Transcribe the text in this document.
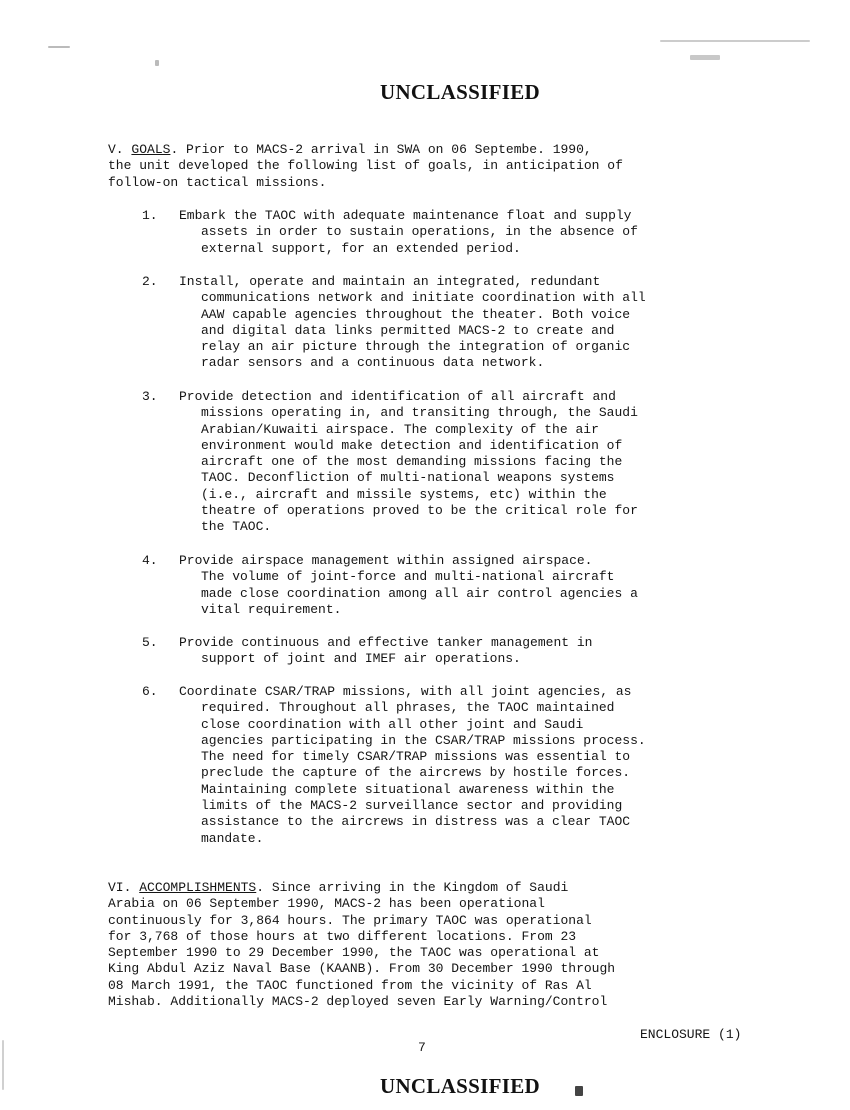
UNCLASSIFIED
V. GOALS. Prior to MACS-2 arrival in SWA on 06 Septembe. 1990,
the unit developed the following list of goals, in anticipation of
follow-on tactical missions.
1. Embark the TAOC with adequate maintenance float and supply
assets in order to sustain operations, in the absence of
external support, for an extended period.
2. Install, operate and maintain an integrated, redundant
communications network and initiate coordination with all
AAW capable agencies throughout the theater. Both voice
and digital data links permitted MACS-2 to create and
relay an air picture through the integration of organic
radar sensors and a continuous data network.
3. Provide detection and identification of all aircraft and
missions operating in, and transiting through, the Saudi
Arabian/Kuwaiti airspace. The complexity of the air
environment would make detection and identification of
aircraft one of the most demanding missions facing the
TAOC. Deconfliction of multi-national weapons systems
(i.e., aircraft and missile systems, etc) within the
theatre of operations proved to be the critical role for
the TAOC.
4. Provide airspace management within assigned airspace.
The volume of joint-force and multi-national aircraft
made close coordination among all air control agencies a
vital requirement.
5. Provide continuous and effective tanker management in
support of joint and IMEF air operations.
6. Coordinate CSAR/TRAP missions, with all joint agencies, as
required. Throughout all phrases, the TAOC maintained
close coordination with all other joint and Saudi
agencies participating in the CSAR/TRAP missions process.
The need for timely CSAR/TRAP missions was essential to
preclude the capture of the aircrews by hostile forces.
Maintaining complete situational awareness within the
limits of the MACS-2 surveillance sector and providing
assistance to the aircrews in distress was a clear TAOC
mandate.
VI. ACCOMPLISHMENTS. Since arriving in the Kingdom of Saudi
Arabia on 06 September 1990, MACS-2 has been operational
continuously for 3,864 hours. The primary TAOC was operational
for 3,768 of those hours at two different locations. From 23
September 1990 to 29 December 1990, the TAOC was operational at
King Abdul Aziz Naval Base (KAANB). From 30 December 1990 through
08 March 1991, the TAOC functioned from the vicinity of Ras Al
Mishab. Additionally MACS-2 deployed seven Early Warning/Control
ENCLOSURE (1)
7
UNCLASSIFIED
